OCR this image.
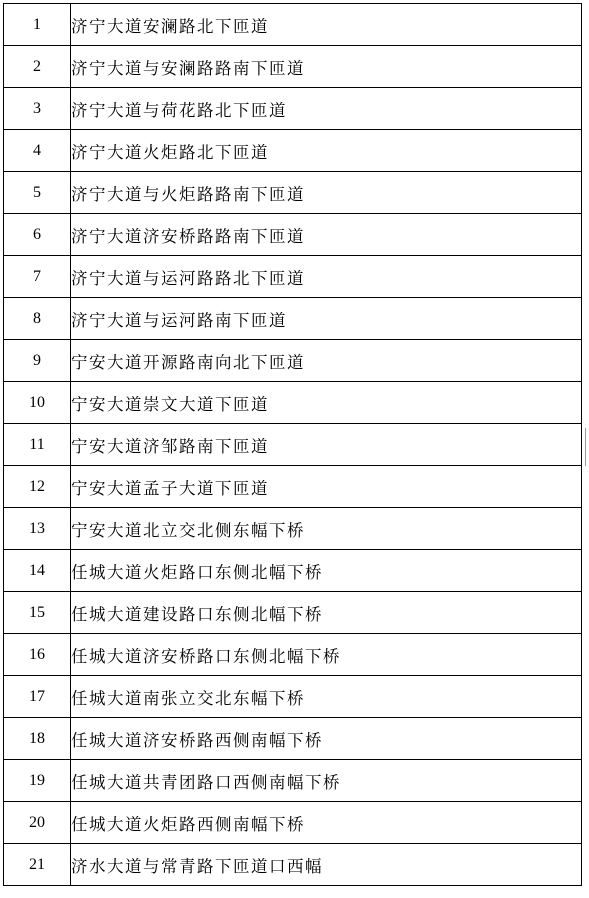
1	济宁大道安澜路北下匝道
2	济宁大道与安澜路路南下匝道
3	济宁大道与荷花路北下匝道
4	济宁大道火炬路北下匝道
5	济宁大道与火炬路路南下匝道
6	济宁大道济安桥路路南下匝道
7	济宁大道与运河路路北下匝道
8	济宁大道与运河路南下匝道
9	宁安大道开源路南向北下匝道
10	宁安大道崇文大道下匝道
11	宁安大道济邹路南下匝道
12	宁安大道孟子大道下匝道
13	宁安大道北立交北侧东幅下桥
14	任城大道火炬路口东侧北幅下桥
15	任城大道建设路口东侧北幅下桥
16	任城大道济安桥路口东侧北幅下桥
17	任城大道南张立交北东幅下桥
18	任城大道济安桥路西侧南幅下桥
19	任城大道共青团路口西侧南幅下桥
20	任城大道火炬路西侧南幅下桥
21	济水大道与常青路下匝道口西幅
